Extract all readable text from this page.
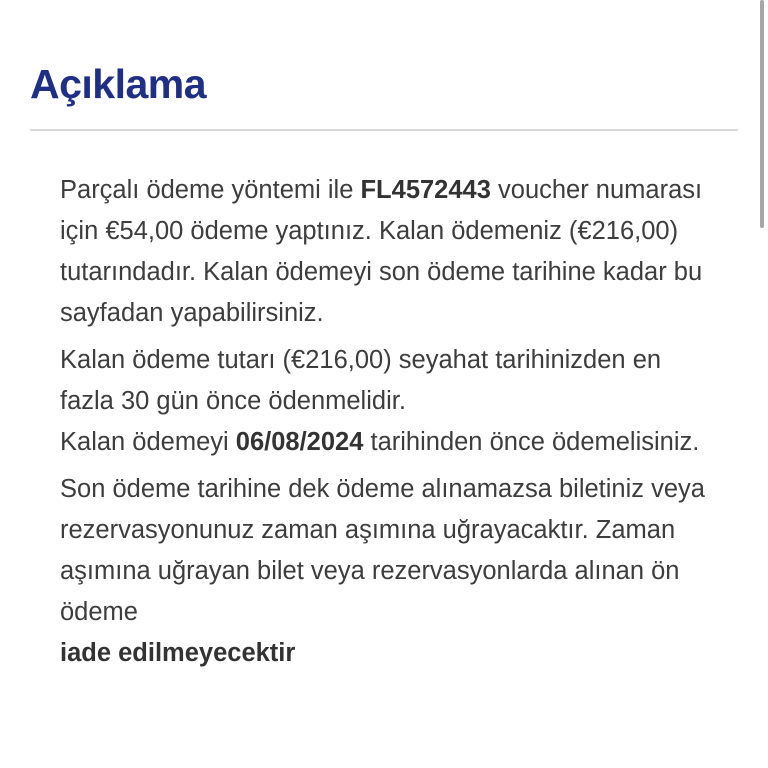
Açıklama

Parçalı ödeme yöntemi ile FL4572443 voucher numarası için €54,00 ödeme yaptınız. Kalan ödemeniz (€216,00) tutarındadır. Kalan ödemeyi son ödeme tarihine kadar bu sayfadan yapabilirsiniz.

Kalan ödeme tutarı (€216,00) seyahat tarihinizden en fazla 30 gün önce ödenmelidir.

Kalan ödemeyi 06/08/2024 tarihinden önce ödemelisiniz.

Son ödeme tarihine dek ödeme alınamazsa biletiniz veya rezervasyonunuz zaman aşımına uğrayacaktır. Zaman aşımına uğrayan bilet veya rezervasyonlarda alınan ön ödeme

iade edilmeyecektir
